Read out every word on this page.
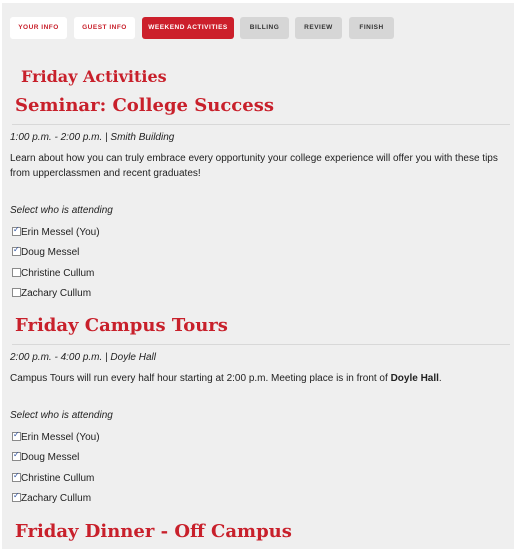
YOUR INFO	GUEST INFO	WEEKEND ACTIVITIES	BILLING	REVIEW	FINISH
Friday Activities
Seminar: College Success
1:00 p.m. - 2:00 p.m. | Smith Building
Learn about how you can truly embrace every opportunity your college experience will offer you with these tips from upperclassmen and recent graduates!
Select who is attending
✓ Erin Messel (You)
✓ Doug Messel
Christine Cullum
Zachary Cullum
Friday Campus Tours
2:00 p.m. - 4:00 p.m. | Doyle Hall
Campus Tours will run every half hour starting at 2:00 p.m. Meeting place is in front of Doyle Hall.
Select who is attending
✓ Erin Messel (You)
✓ Doug Messel
✓ Christine Cullum
✓ Zachary Cullum
Friday Dinner - Off Campus
